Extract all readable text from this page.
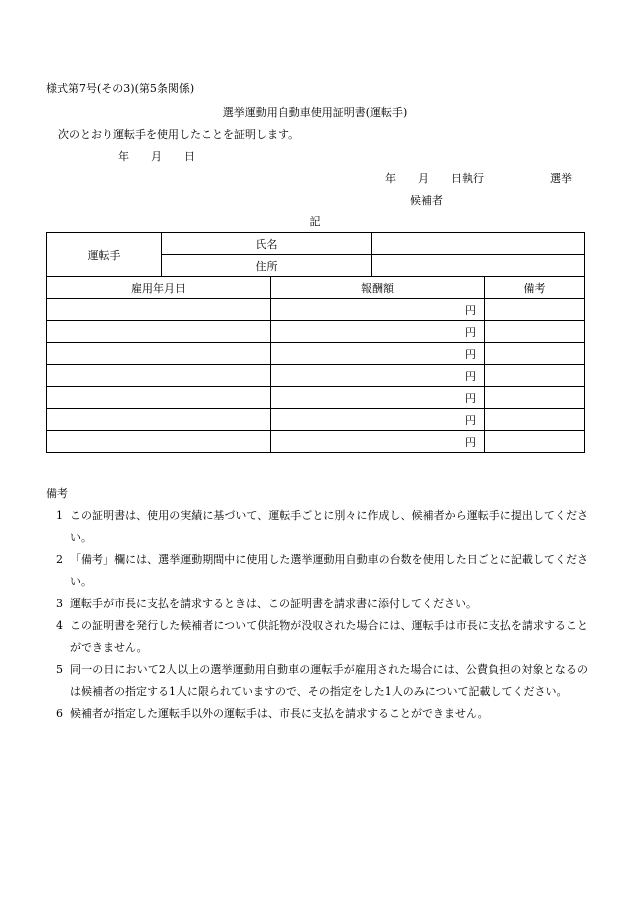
様式第7号(その3)(第5条関係)
選挙運動用自動車使用証明書(運転手)
次のとおり運転手を使用したことを証明します。
年　　月　　日
年　　月　　日執行　　　　　　選挙
候補者
記
運転手	氏名			
	住所			
雇用年月日		報酬額		備考
		円		
		円		
		円		
		円		
		円		
		円		
		円		
備考
1 この証明書は、使用の実績に基づいて、運転手ごとに別々に作成し、候補者から運転手に提出してください。
2 「備考」欄には、選挙運動期間中に使用した選挙運動用自動車の台数を使用した日ごとに記載してください。
3 運転手が市長に支払を請求するときは、この証明書を請求書に添付してください。
4 この証明書を発行した候補者について供託物が没収された場合には、運転手は市長に支払を請求することができません。
5 同一の日において2人以上の選挙運動用自動車の運転手が雇用された場合には、公費負担の対象となるのは候補者の指定する1人に限られていますので、その指定をした1人のみについて記載してください。
6 候補者が指定した運転手以外の運転手は、市長に支払を請求することができません。
